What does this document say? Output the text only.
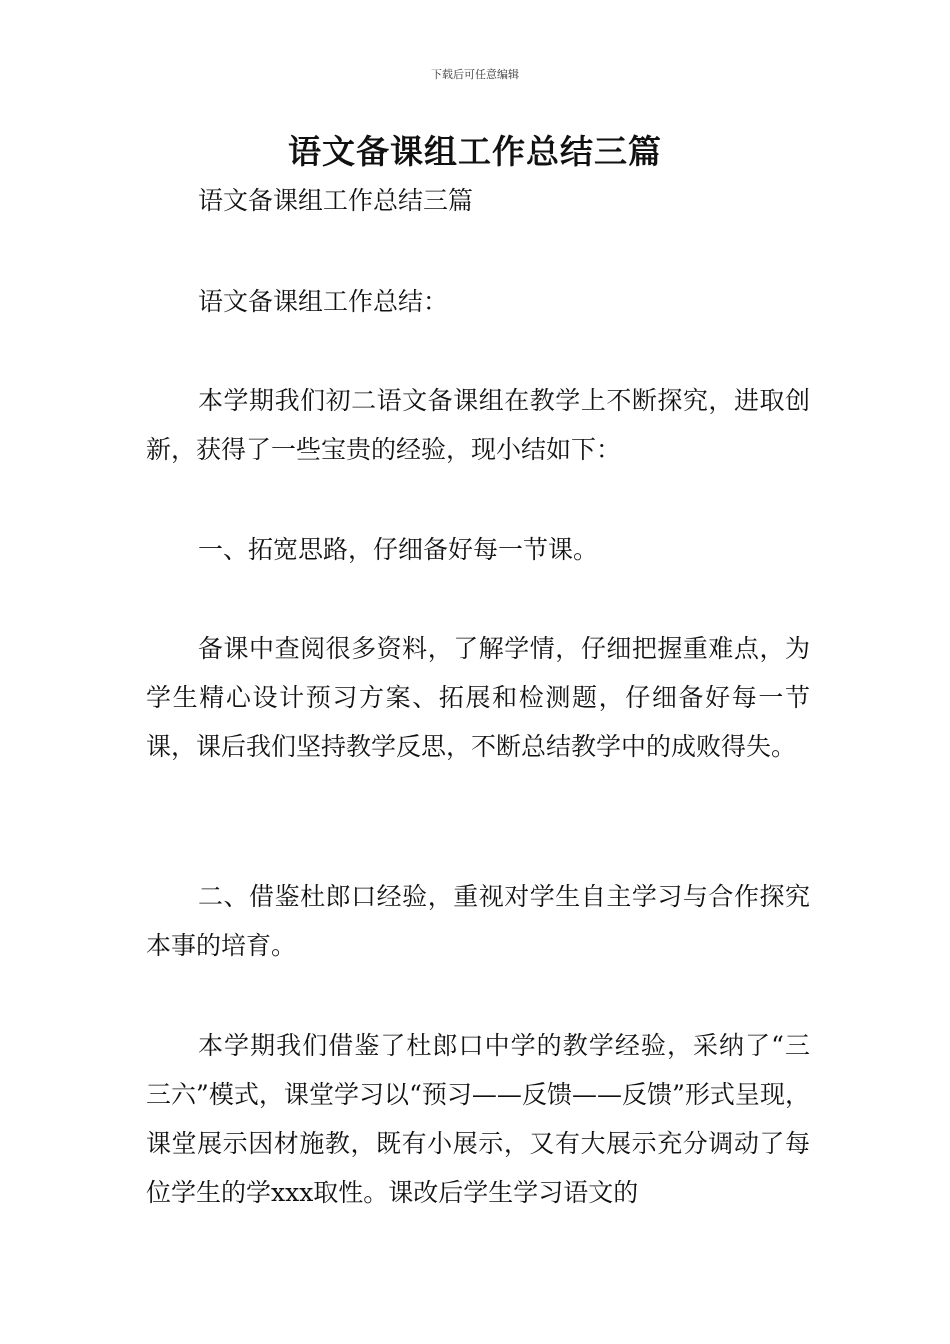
下载后可任意编辑
语文备课组工作总结三篇

语文备课组工作总结三篇

语文备课组工作总结：

本学期我们初二语文备课组在教学上不断探究，进取创新，获得了一些宝贵的经验，现小结如下：

一、拓宽思路，仔细备好每一节课。

备课中查阅很多资料，了解学情，仔细把握重难点，为学生精心设计预习方案、拓展和检测题，仔细备好每一节课，课后我们坚持教学反思，不断总结教学中的成败得失。

二、借鉴杜郎口经验，重视对学生自主学习与合作探究本事的培育。

本学期我们借鉴了杜郎口中学的教学经验，采纳了“三三六”模式，课堂学习以“预习——反馈——反馈”形式呈现，课堂展示因材施教，既有小展示，又有大展示充分调动了每位学生的学xxx取性。课改后学生学习语文的
